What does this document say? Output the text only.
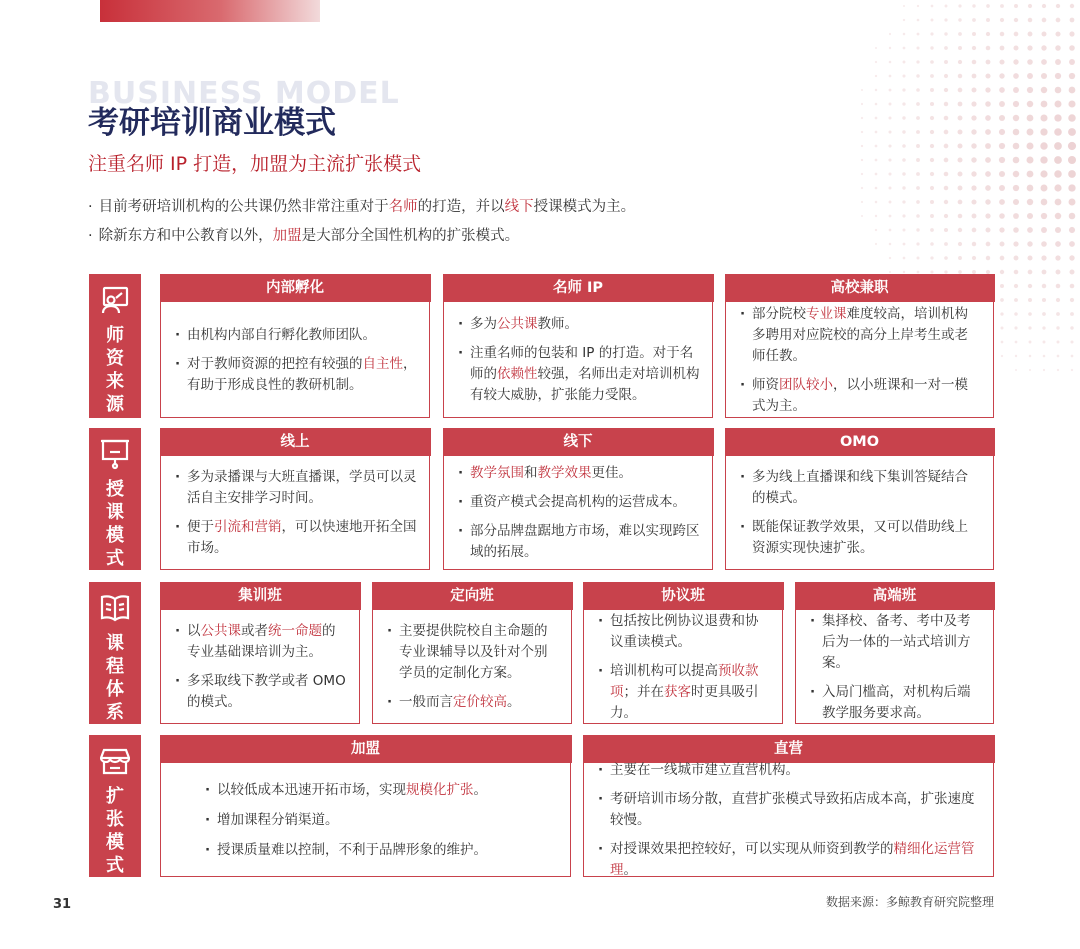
BUSINESS MODEL
考研培训商业模式
注重名师 IP 打造，加盟为主流扩张模式
· 目前考研培训机构的公共课仍然非常注重对于名师的打造，并以线下授课模式为主。
· 除新东方和中公教育以外，加盟是大部分全国性机构的扩张模式。
师资来源
内部孵化
· 由机构内部自行孵化教师团队。
· 对于教师资源的把控有较强的自主性，有助于形成良性的教研机制。
名师 IP
· 多为公共课教师。
· 注重名师的包装和 IP 的打造。对于名师的依赖性较强，名师出走对培训机构有较大威胁，扩张能力受限。
高校兼职
· 部分院校专业课难度较高，培训机构多聘用对应院校的高分上岸考生或老师任教。
· 师资团队较小，以小班课和一对一模式为主。
授课模式
线上
· 多为录播课与大班直播课，学员可以灵活自主安排学习时间。
· 便于引流和营销，可以快速地开拓全国市场。
线下
· 教学氛围和教学效果更佳。
· 重资产模式会提高机构的运营成本。
· 部分品牌盘踞地方市场，难以实现跨区域的拓展。
OMO
· 多为线上直播课和线下集训答疑结合的模式。
· 既能保证教学效果，又可以借助线上资源实现快速扩张。
课程体系
集训班
· 以公共课或者统一命题的专业基础课培训为主。
· 多采取线下教学或者 OMO 的模式。
定向班
· 主要提供院校自主命题的专业课辅导以及针对个别学员的定制化方案。
· 一般而言定价较高。
协议班
· 包括按比例协议退费和协议重读模式。
· 培训机构可以提高预收款项；并在获客时更具吸引力。
高端班
· 集择校、备考、考中及考后为一体的一站式培训方案。
· 入局门槛高，对机构后端教学服务要求高。
扩张模式
加盟
· 以较低成本迅速开拓市场，实现规模化扩张。
· 增加课程分销渠道。
· 授课质量难以控制，不利于品牌形象的维护。
直营
· 主要在一线城市建立直营机构。
· 考研培训市场分散，直营扩张模式导致拓店成本高，扩张速度较慢。
· 对授课效果把控较好，可以实现从师资到教学的精细化运营管理。
31	数据来源：多鲸教育研究院整理
